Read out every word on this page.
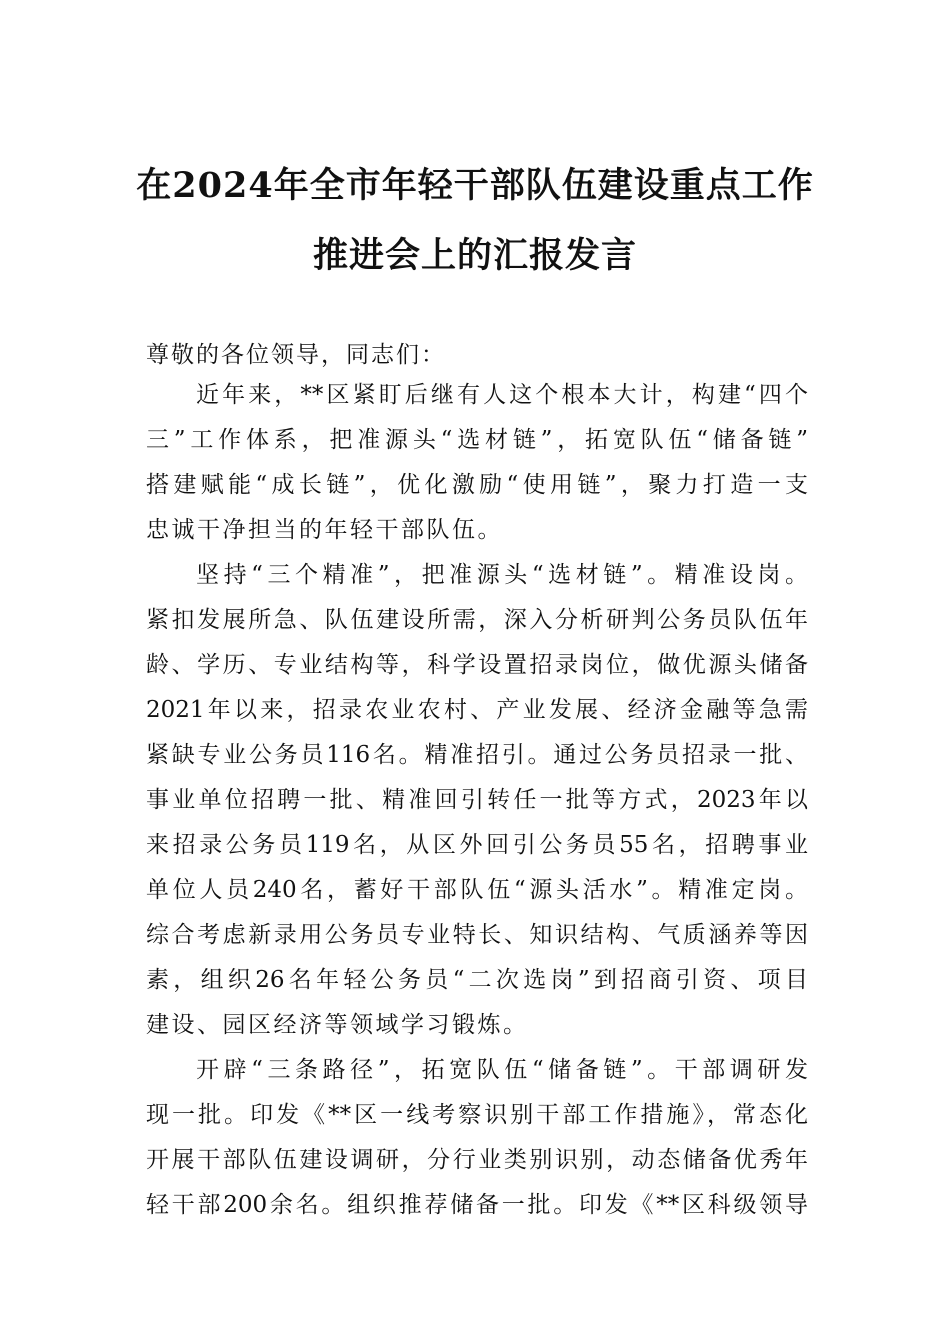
在2024年全市年轻干部队伍建设重点工作
推进会上的汇报发言
尊敬的各位领导，同志们：
近年来，**区紧盯后继有人这个根本大计，构建“四个
三”工作体系，把准源头“选材链”，拓宽队伍“储备链”
搭建赋能“成长链”，优化激励“使用链”，聚力打造一支
忠诚干净担当的年轻干部队伍。
坚持“三个精准”，把准源头“选材链”。精准设岗。
紧扣发展所急、队伍建设所需，深入分析研判公务员队伍年
龄、学历、专业结构等，科学设置招录岗位，做优源头储备
2021年以来，招录农业农村、产业发展、经济金融等急需
紧缺专业公务员116名。精准招引。通过公务员招录一批、
事业单位招聘一批、精准回引转任一批等方式，2023年以
来招录公务员119名，从区外回引公务员55名，招聘事业
单位人员240名，蓄好干部队伍“源头活水”。精准定岗。
综合考虑新录用公务员专业特长、知识结构、气质涵养等因
素，组织26名年轻公务员“二次选岗”到招商引资、项目
建设、园区经济等领域学习锻炼。
开辟“三条路径”，拓宽队伍“储备链”。干部调研发
现一批。印发《**区一线考察识别干部工作措施》，常态化
开展干部队伍建设调研，分行业类别识别，动态储备优秀年
轻干部200余名。组织推荐储备一批。印发《**区科级领导
